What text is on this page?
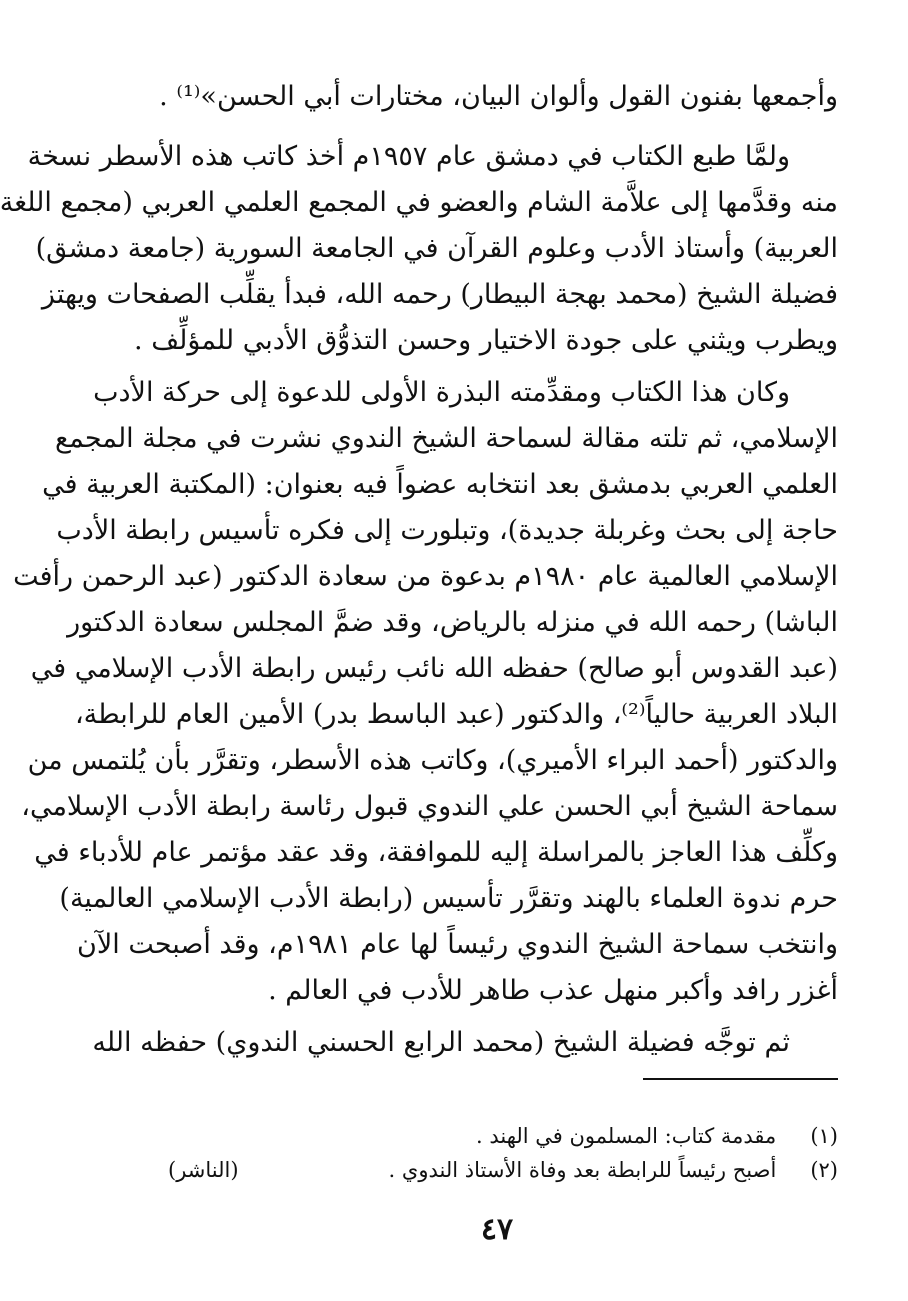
وأجمعها بفنون القول وألوان البيان، مختارات أبي الحسن»⁽¹⁾ .
ولمَّا طبع الكتاب في دمشق عام ١٩٥٧م أخذ كاتب هذه الأسطر نسخة
منه وقدَّمها إلى علاَّمة الشام والعضو في المجمع العلمي العربي (مجمع اللغة
العربية) وأستاذ الأدب وعلوم القرآن في الجامعة السورية (جامعة دمشق)
فضيلة الشيخ (محمد بهجة البيطار) رحمه الله، فبدأ يقلِّب الصفحات ويهتز
ويطرب ويثني على جودة الاختيار وحسن التذوُّق الأدبي للمؤلِّف .
وكان هذا الكتاب ومقدِّمته البذرة الأولى للدعوة إلى حركة الأدب
الإسلامي، ثم تلته مقالة لسماحة الشيخ الندوي نشرت في مجلة المجمع
العلمي العربي بدمشق بعد انتخابه عضواً فيه بعنوان: (المكتبة العربية في
حاجة إلى بحث وغربلة جديدة)، وتبلورت إلى فكره تأسيس رابطة الأدب
الإسلامي العالمية عام ١٩٨٠م بدعوة من سعادة الدكتور (عبد الرحمن رأفت
الباشا) رحمه الله في منزله بالرياض، وقد ضمَّ المجلس سعادة الدكتور
(عبد القدوس أبو صالح) حفظه الله نائب رئيس رابطة الأدب الإسلامي في
البلاد العربية حالياً⁽²⁾، والدكتور (عبد الباسط بدر) الأمين العام للرابطة،
والدكتور (أحمد البراء الأميري)، وكاتب هذه الأسطر، وتقرَّر بأن يُلتمس من
سماحة الشيخ أبي الحسن علي الندوي قبول رئاسة رابطة الأدب الإسلامي،
وكلِّف هذا العاجز بالمراسلة إليه للموافقة، وقد عقد مؤتمر عام للأدباء في
حرم ندوة العلماء بالهند وتقرَّر تأسيس (رابطة الأدب الإسلامي العالمية)
وانتخب سماحة الشيخ الندوي رئيساً لها عام ١٩٨١م، وقد أصبحت الآن
أغزر رافد وأكبر منهل عذب طاهر للأدب في العالم .
ثم توجَّه فضيلة الشيخ (محمد الرابع الحسني الندوي) حفظه الله
(١) مقدمة كتاب: المسلمون في الهند .
(٢) أصبح رئيساً للرابطة بعد وفاة الأستاذ الندوي .
(الناشر)
٤٧
